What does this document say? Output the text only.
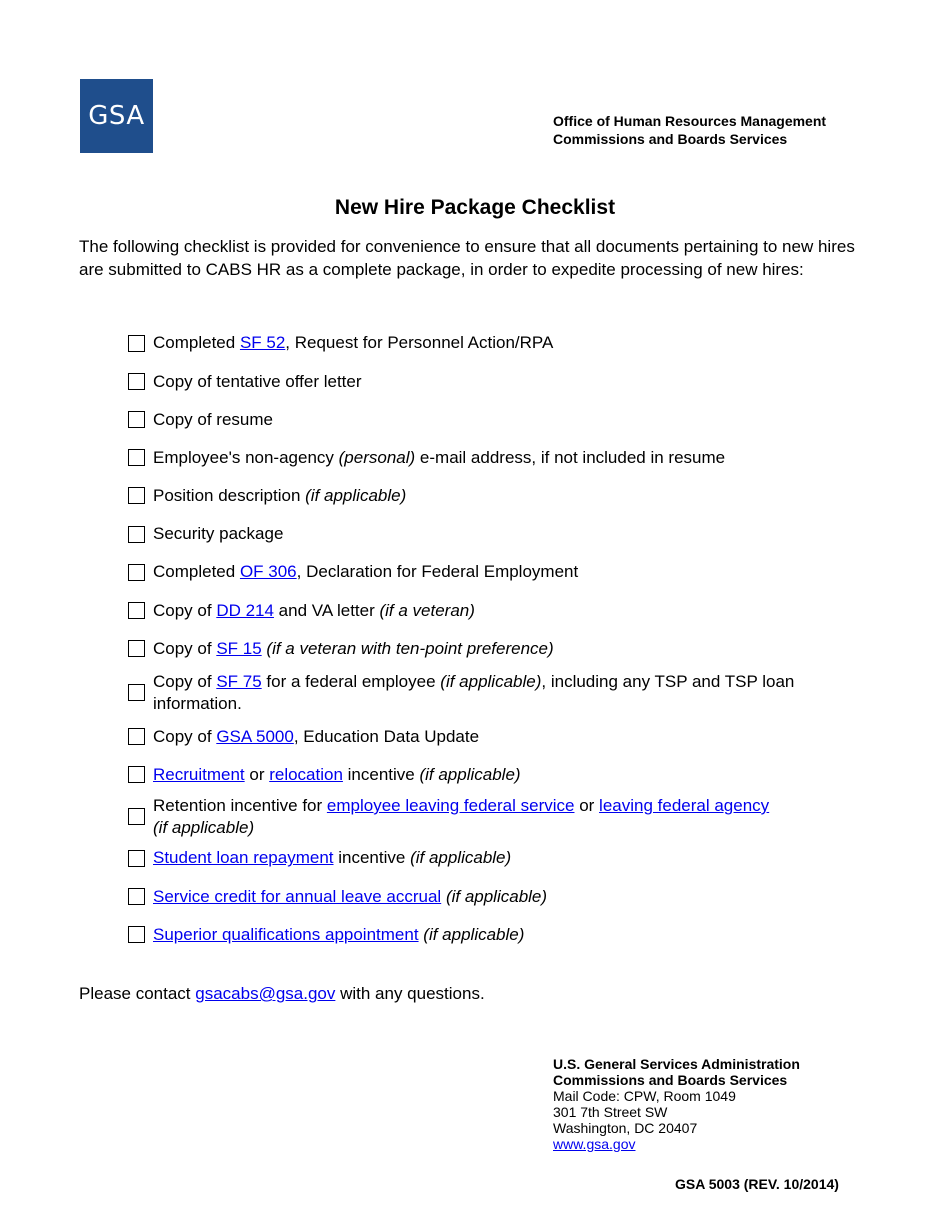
GSA	Office of Human Resources Management
Commissions and Boards Services
New Hire Package Checklist
The following checklist is provided for convenience to ensure that all documents pertaining to new hires are submitted to CABS HR as a complete package, in order to expedite processing of new hires:
Completed SF 52, Request for Personnel Action/RPA
Copy of tentative offer letter
Copy of resume
Employee's non-agency (personal) e-mail address, if not included in resume
Position description (if applicable)
Security package
Completed OF 306, Declaration for Federal Employment
Copy of DD 214 and VA letter (if a veteran)
Copy of SF 15 (if a veteran with ten-point preference)
Copy of SF 75 for a federal employee (if applicable), including any TSP and TSP loan information.
Copy of GSA 5000, Education Data Update
Recruitment or relocation incentive (if applicable)
Retention incentive for employee leaving federal service or leaving federal agency
(if applicable)
Student loan repayment incentive (if applicable)
Service credit for annual leave accrual (if applicable)
Superior qualifications appointment (if applicable)
Please contact gsacabs@gsa.gov with any questions.
U.S. General Services Administration
Commissions and Boards Services
Mail Code: CPW, Room 1049
301 7th Street SW
Washington, DC 20407
www.gsa.gov
GSA 5003 (REV. 10/2014)
